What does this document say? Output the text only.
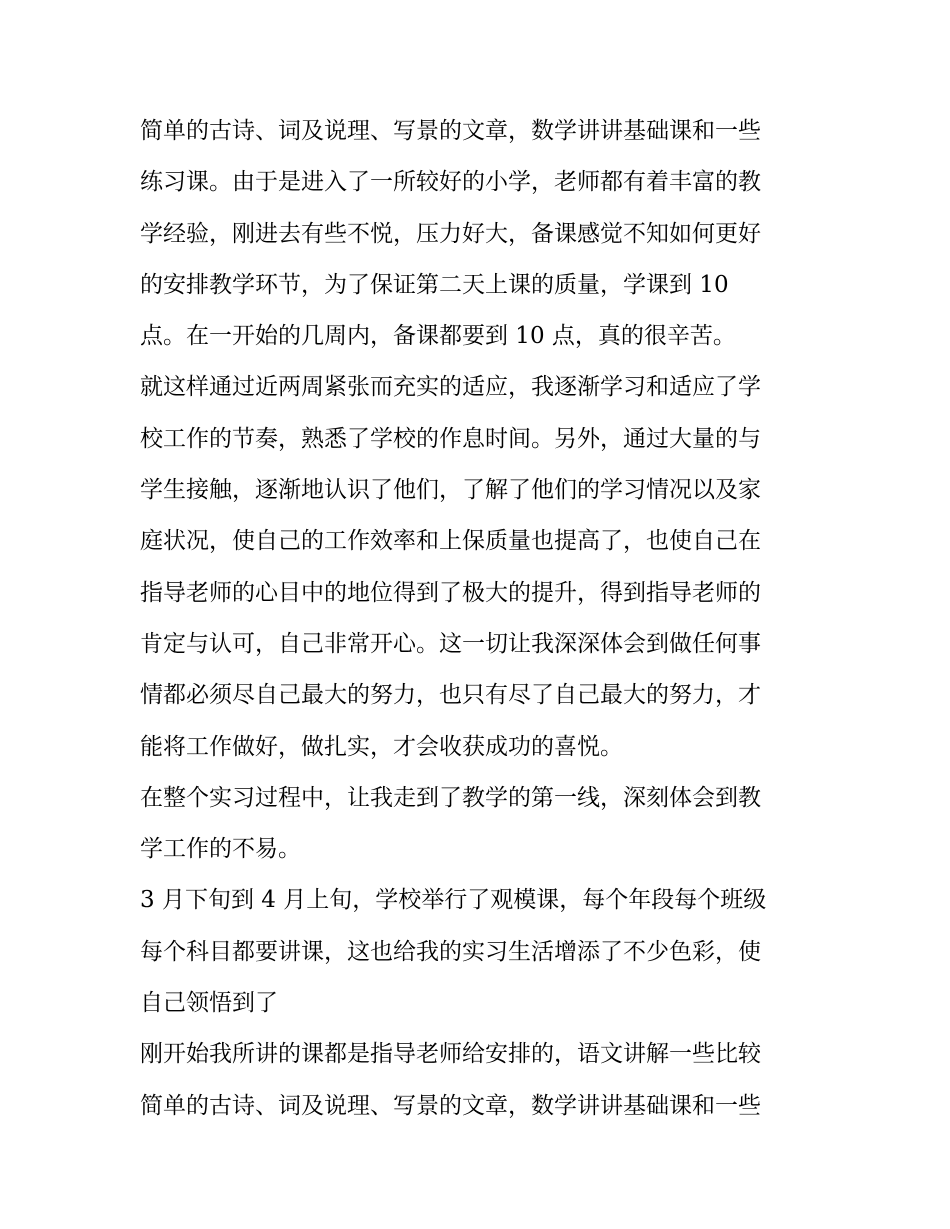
简单的古诗、词及说理、写景的文章，数学讲讲基础课和一些
练习课。由于是进入了一所较好的小学，老师都有着丰富的教
学经验，刚进去有些不悦，压力好大，备课感觉不知如何更好
的安排教学环节，为了保证第二天上课的质量，学课到 10
点。在一开始的几周内，备课都要到 10 点，真的很辛苦。
就这样通过近两周紧张而充实的适应，我逐渐学习和适应了学
校工作的节奏，熟悉了学校的作息时间。另外，通过大量的与
学生接触，逐渐地认识了他们，了解了他们的学习情况以及家
庭状况，使自己的工作效率和上保质量也提高了，也使自己在
指导老师的心目中的地位得到了极大的提升，得到指导老师的
肯定与认可，自己非常开心。这一切让我深深体会到做任何事
情都必须尽自己最大的努力，也只有尽了自己最大的努力，才
能将工作做好，做扎实，才会收获成功的喜悦。
在整个实习过程中，让我走到了教学的第一线，深刻体会到教
学工作的不易。
3 月下旬到 4 月上旬，学校举行了观模课，每个年段每个班级
每个科目都要讲课，这也给我的实习生活增添了不少色彩，使
自己领悟到了
刚开始我所讲的课都是指导老师给安排的，语文讲解一些比较
简单的古诗、词及说理、写景的文章，数学讲讲基础课和一些
